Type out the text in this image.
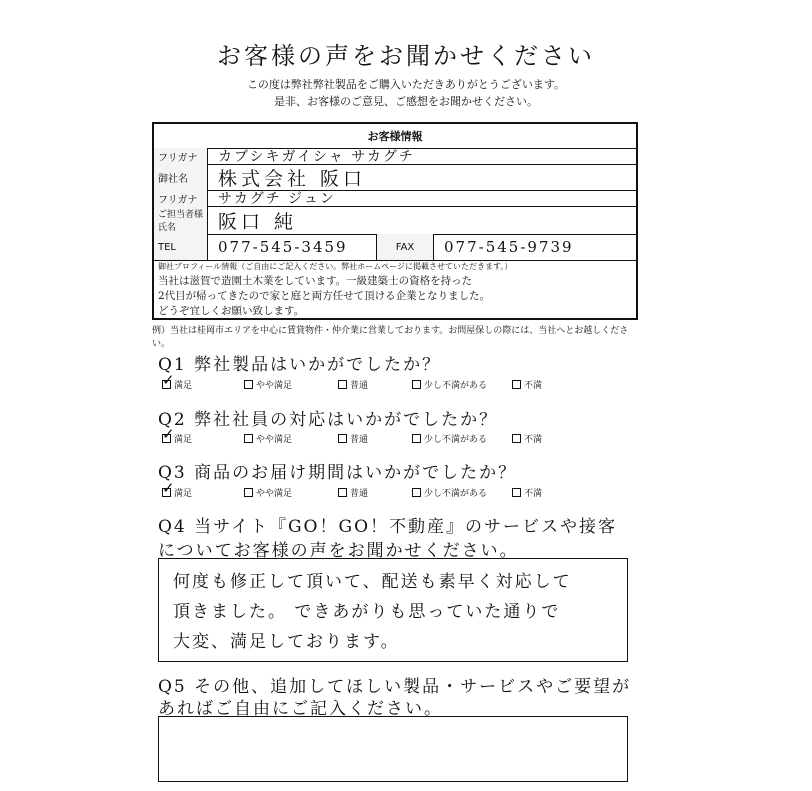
お客様の声をお聞かせください
この度は弊社弊社製品をご購入いただきありがとうございます。
是非、お客様のご意見、ご感想をお聞かせください。
お客様情報
フリガナ	カブシキガイシャ サカグチ
御社名	株式会社 阪口
フリガナ	サカグチ ジュン
ご担当者様氏名	阪口 純
TEL	077-545-3459	FAX	077-545-9739
御社プロフィール情報（ご自由にご記入ください。弊社ホームページに掲載させていただきます。）
当社は滋賀で造園土木業をしています。一級建築士の資格を持った
2代目が帰ってきたので家と庭と両方任せて頂ける企業となりました。
どうぞ宜しくお願い致します。
例）当社は桂岡市エリアを中心に賃貸物件・仲介業に営業しております。お問屋保しの際には、当社へとお越しください。
Q1 弊社製品はいかがでしたか？
✓ 満足	やや満足	普通	少し不満がある	不満
Q2 弊社社員の対応はいかがでしたか？
✓ 満足	やや満足	普通	少し不満がある	不満
Q3 商品のお届け期間はいかがでしたか？
✓ 満足	やや満足	普通	少し不満がある	不満
Q4 当サイト『GO！GO！不動産』のサービスや接客
についてお客様の声をお聞かせください。
何度も修正して頂いて、配送も素早く対応して
頂きました。 できあがりも思っていた通りで
大変、満足しております。
Q5 その他、追加してほしい製品・サービスやご要望が
あればご自由にご記入ください。
